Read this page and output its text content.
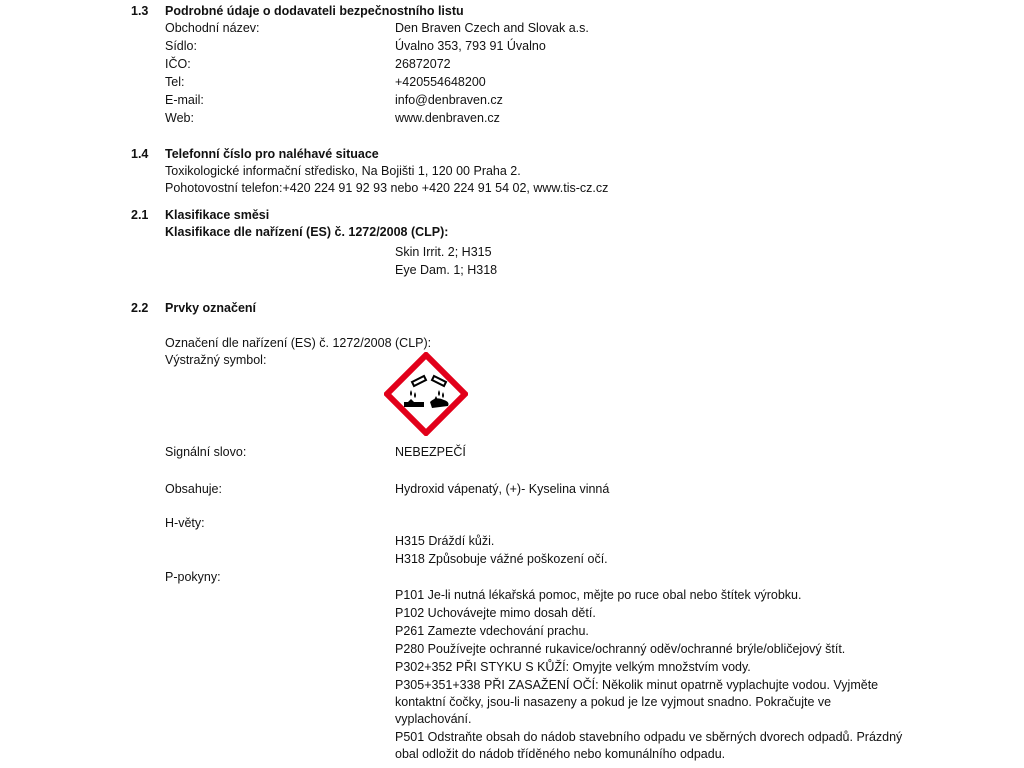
1.3 Podrobné údaje o dodavateli bezpečnostního listu
Obchodní název:	Den Braven Czech and Slovak a.s.
Sídlo:	Úvalno 353, 793 91 Úvalno
IČO:	26872072
Tel:	+420554648200
E-mail:	info@denbraven.cz
Web:	www.denbraven.cz
1.4 Telefonní číslo pro naléhavé situace
Toxikologické informační středisko, Na Bojišti 1, 120 00 Praha 2.
Pohotovostní telefon:+420 224 91 92 93 nebo +420 224 91 54 02, www.tis-cz.cz
2.1 Klasifikace směsi
Klasifikace dle nařízení (ES) č. 1272/2008 (CLP):
Skin Irrit. 2; H315
Eye Dam. 1; H318
2.2 Prvky označení
Označení dle nařízení (ES) č. 1272/2008 (CLP):
Výstražný symbol:
Signální slovo:	NEBEZPEČÍ
Obsahuje:	Hydroxid vápenatý, (+)- Kyselina vinná
H-věty:
H315 Dráždí kůži.
H318 Způsobuje vážné poškození očí.
P-pokyny:
P101 Je-li nutná lékařská pomoc, mějte po ruce obal nebo štítek výrobku.
P102 Uchovávejte mimo dosah dětí.
P261 Zamezte vdechování prachu.
P280 Používejte ochranné rukavice/ochranný oděv/ochranné brýle/obličejový štít.
P302+352 PŘI STYKU S KŮŽÍ: Omyjte velkým množstvím vody.
P305+351+338 PŘI ZASAŽENÍ OČÍ: Několik minut opatrně vyplachujte vodou. Vyjměte
kontaktní čočky, jsou-li nasazeny a pokud je lze vyjmout snadno. Pokračujte ve
vyplachování.
P501 Odstraňte obsah do nádob stavebního odpadu ve sběrných dvorech odpadů. Prázdný
obal odložit do nádob tříděného nebo komunálního odpadu.
